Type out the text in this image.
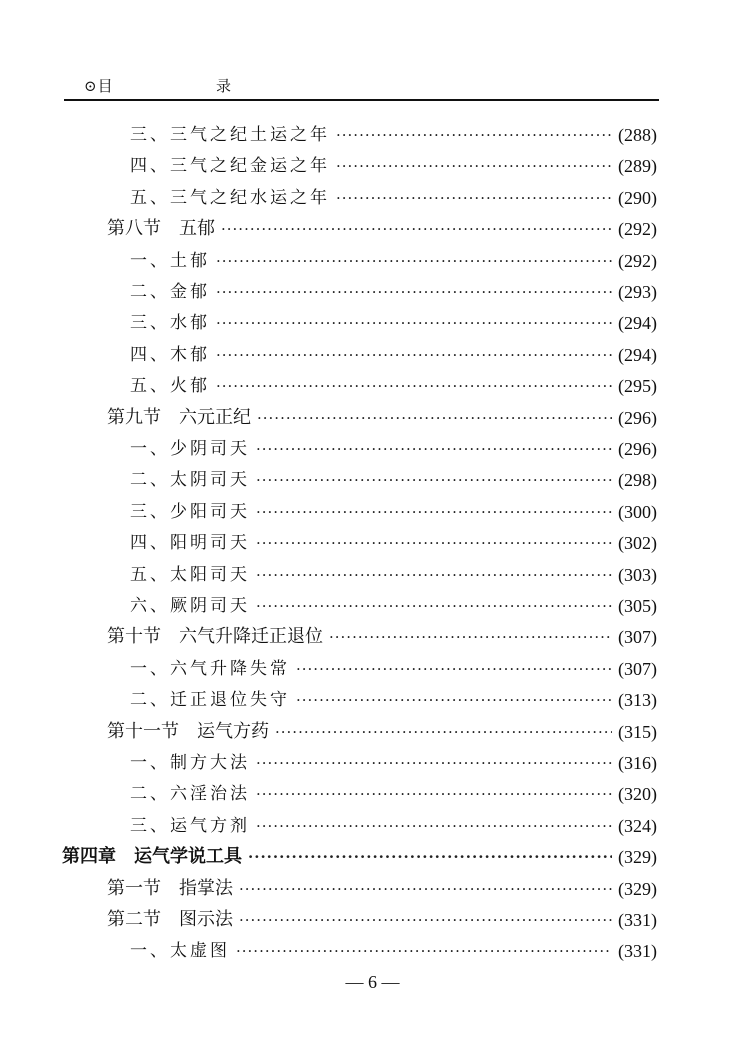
⊙目	录
三、三气之纪土运之年 ·····	(288)
四、三气之纪金运之年 ·····	(289)
五、三气之纪水运之年 ·····	(290)
第八节　五郁 ·····	(292)
一、土郁 ·····	(292)
二、金郁 ·····	(293)
三、水郁 ·····	(294)
四、木郁 ·····	(294)
五、火郁 ·····	(295)
第九节　六元正纪 ·····	(296)
一、少阴司天 ·····	(296)
二、太阴司天 ·····	(298)
三、少阳司天 ·····	(300)
四、阳明司天 ·····	(302)
五、太阳司天 ·····	(303)
六、厥阴司天 ·····	(305)
第十节　六气升降迁正退位 ·····	(307)
一、六气升降失常 ·····	(307)
二、迁正退位失守 ·····	(313)
第十一节　运气方药 ·····	(315)
一、制方大法 ·····	(316)
二、六淫治法 ·····	(320)
三、运气方剂 ·····	(324)
第四章　运气学说工具 ·····	(329)
第一节　指掌法 ·····	(329)
第二节　图示法 ·····	(331)
一、太虚图 ·····	(331)
— 6 —
